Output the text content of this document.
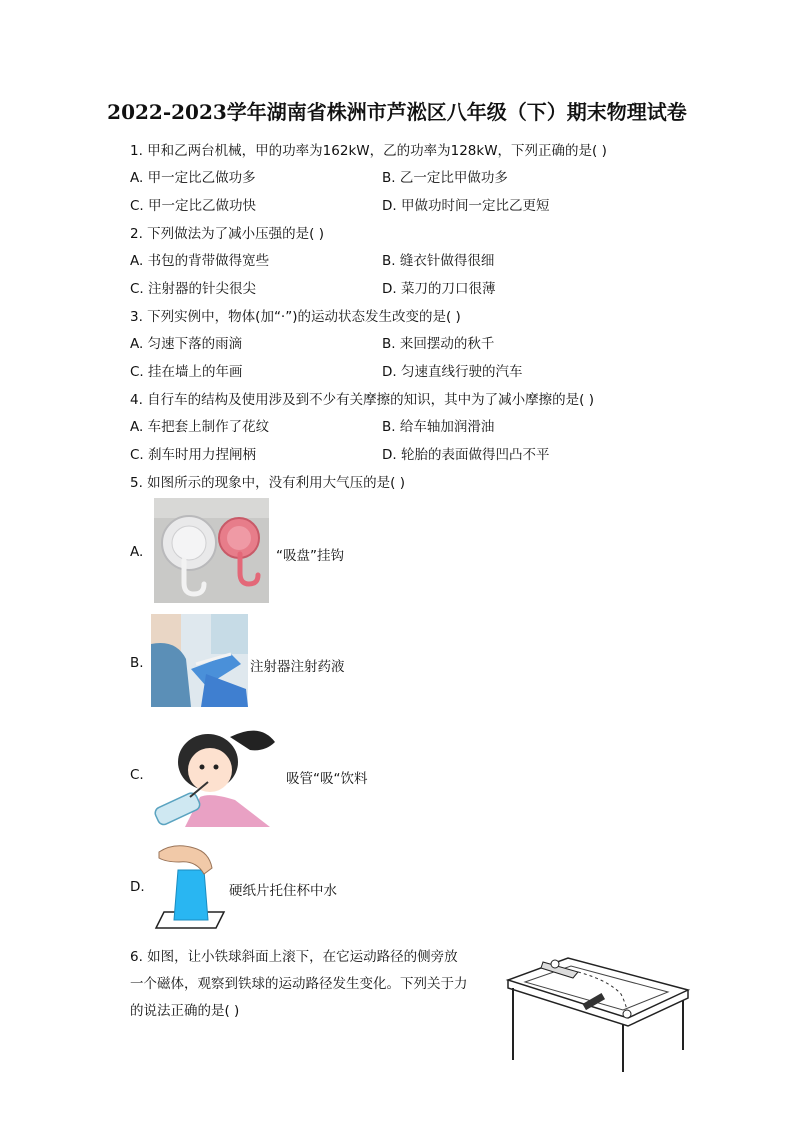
2022-2023学年湖南省株洲市芦淞区八年级（下）期末物理试卷
1. 甲和乙两台机械，甲的功率为162kW，乙的功率为128kW，下列正确的是( )
A. 甲一定比乙做功多	B. 乙一定比甲做功多
C. 甲一定比乙做功快	D. 甲做功时间一定比乙更短
2. 下列做法为了减小压强的是( )
A. 书包的背带做得宽些	B. 缝衣针做得很细
C. 注射器的针尖很尖	D. 菜刀的刀口很薄
3. 下列实例中，物体(加“·”)的运动状态发生改变的是( )
A. 匀速下落的雨滴	B. 来回摆动的秋千
C. 挂在墙上的年画	D. 匀速直线行驶的汽车
4. 自行车的结构及使用涉及到不少有关摩擦的知识，其中为了减小摩擦的是( )
A. 车把套上制作了花纹	B. 给车轴加润滑油
C. 刹车时用力捏闸柄	D. 轮胎的表面做得凹凸不平
5. 如图所示的现象中，没有利用大气压的是( )
A.	“吸盘”挂钩
B.	注射器注射药液
C.	吸管“吸“饮料
D.	硬纸片托住杯中水
6. 如图，让小铁球斜面上滚下，在它运动路径的侧旁放
一个磁体，观察到铁球的运动路径发生变化。下列关于力
的说法正确的是( )
